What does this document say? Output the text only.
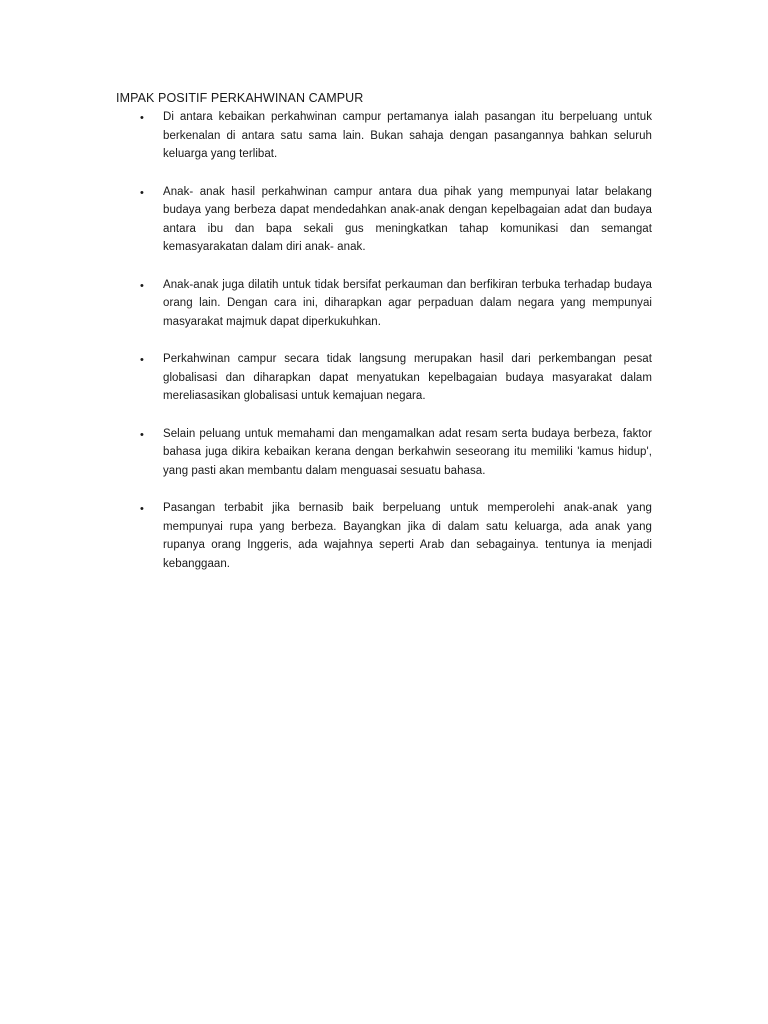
IMPAK POSITIF PERKAHWINAN CAMPUR
• Di antara kebaikan perkahwinan campur pertamanya ialah pasangan itu berpeluang untuk berkenalan di antara satu sama lain. Bukan sahaja dengan pasangannya bahkan seluruh keluarga yang terlibat.
• Anak- anak hasil perkahwinan campur antara dua pihak yang mempunyai latar belakang budaya yang berbeza dapat mendedahkan anak-anak dengan kepelbagaian adat dan budaya antara ibu dan bapa sekali gus meningkatkan tahap komunikasi dan semangat kemasyarakatan dalam diri anak- anak.
• Anak-anak juga dilatih untuk tidak bersifat perkauman dan berfikiran terbuka terhadap budaya orang lain. Dengan cara ini, diharapkan agar perpaduan dalam negara yang mempunyai masyarakat majmuk dapat diperkukuhkan.
• Perkahwinan campur secara tidak langsung merupakan hasil dari perkembangan pesat globalisasi dan diharapkan dapat menyatukan kepelbagaian budaya masyarakat dalam mereliasasikan globalisasi untuk kemajuan negara.
• Selain peluang untuk memahami dan mengamalkan adat resam serta budaya berbeza, faktor bahasa juga dikira kebaikan kerana dengan berkahwin seseorang itu memiliki 'kamus hidup', yang pasti akan membantu dalam menguasai sesuatu bahasa.
• Pasangan terbabit jika bernasib baik berpeluang untuk memperolehi anak-anak yang mempunyai rupa yang berbeza. Bayangkan jika di dalam satu keluarga, ada anak yang rupanya orang Inggeris, ada wajahnya seperti Arab dan sebagainya. tentunya ia menjadi kebanggaan.
